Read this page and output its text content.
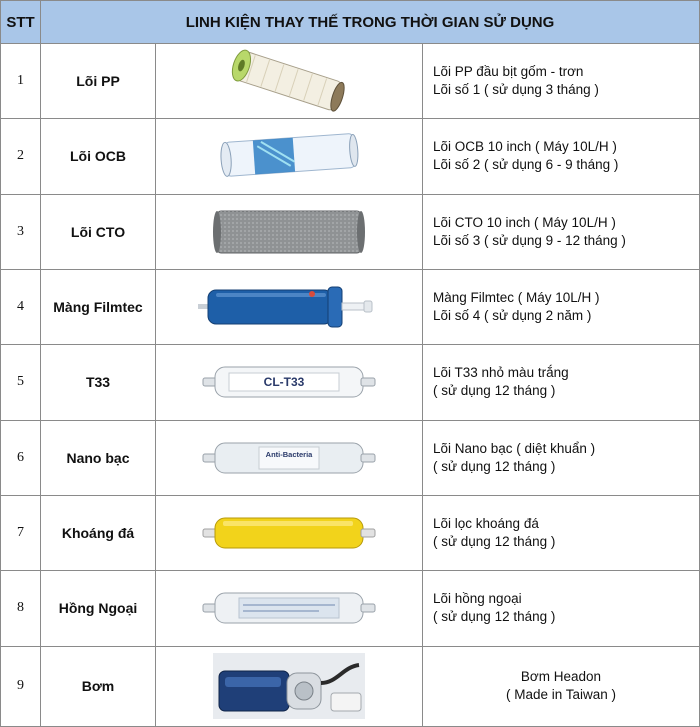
STT	LINH KIỆN THAY THẾ TRONG THỜI GIAN SỬ DỤNG		
1	Lõi PP		Lõi PP đầu bịt gốm - trơn
Lõi số 1 ( sử dụng 3 tháng )

2	Lõi OCB		Lõi OCB 10 inch ( Máy 10L/H )
Lõi số 2 ( sử dụng 6 - 9 tháng )

3	Lõi CTO		Lõi CTO 10 inch ( Máy 10L/H )
Lõi số 3 ( sử dụng 9 - 12 tháng )

4	Màng Filmtec		Màng Filmtec ( Máy 10L/H )
Lõi số 4 ( sử dụng 2 năm )

5	T33	CL-T33	Lõi T33 nhỏ màu trắng
( sử dụng 12 tháng )

6	Nano bạc	Anti-Bacteria	Lõi Nano bạc ( diệt khuẩn )
( sử dụng 12 tháng )

7	Khoáng đá		Lõi lọc khoáng đá
( sử dụng 12 tháng )

8	Hồng Ngoại		Lõi hồng ngoại
( sử dụng 12 tháng )

9	Bơm		Bơm Headon
( Made in Taiwan )
